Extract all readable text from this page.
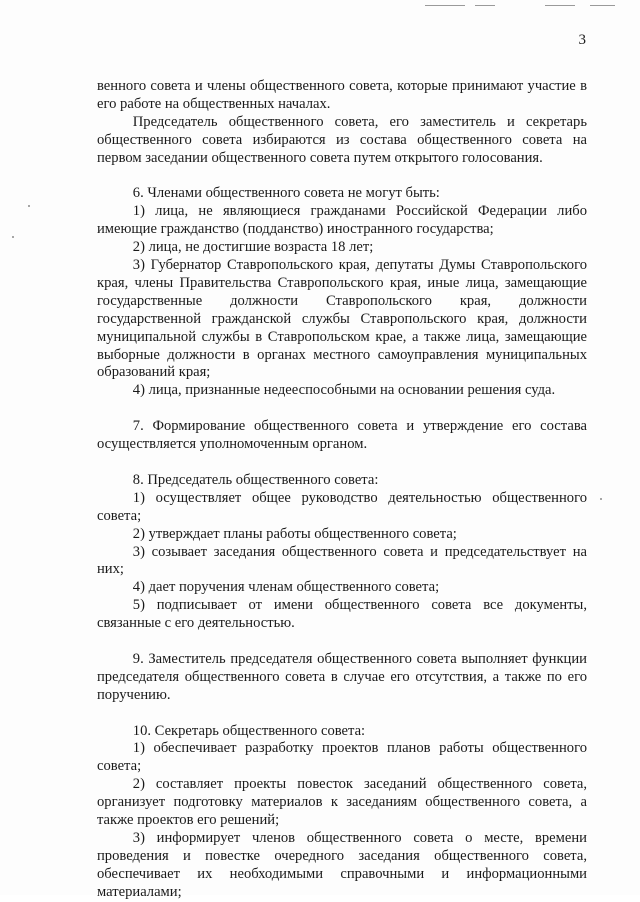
3

венного совета и члены общественного совета, которые принимают участие в его работе на общественных началах.

Председатель общественного совета, его заместитель и секретарь общественного совета избираются из состава общественного совета на первом заседании общественного совета путем открытого голосования.

6. Членами общественного совета не могут быть:

1) лица, не являющиеся гражданами Российской Федерации либо имеющие гражданство (подданство) иностранного государства;

2) лица, не достигшие возраста 18 лет;

3) Губернатор Ставропольского края, депутаты Думы Ставропольского края, члены Правительства Ставропольского края, иные лица, замещающие государственные должности Ставропольского края, должности государственной гражданской службы Ставропольского края, должности муниципальной службы в Ставропольском крае, а также лица, замещающие выборные должности в органах местного самоуправления муниципальных образований края;

4) лица, признанные недееспособными на основании решения суда.

7. Формирование общественного совета и утверждение его состава осуществляется уполномоченным органом.

8. Председатель общественного совета:

1) осуществляет общее руководство деятельностью общественного совета;

2) утверждает планы работы общественного совета;

3) созывает заседания общественного совета и председательствует на них;

4) дает поручения членам общественного совета;

5) подписывает от имени общественного совета все документы, связанные с его деятельностью.

9. Заместитель председателя общественного совета выполняет функции председателя общественного совета в случае его отсутствия, а также по его поручению.

10. Секретарь общественного совета:

1) обеспечивает разработку проектов планов работы общественного совета;

2) составляет проекты повесток заседаний общественного совета, организует подготовку материалов к заседаниям общественного совета, а также проектов его решений;

3) информирует членов общественного совета о месте, времени проведения и повестке очередного заседания общественного совета, обеспечивает их необходимыми справочными и информационными материалами;
